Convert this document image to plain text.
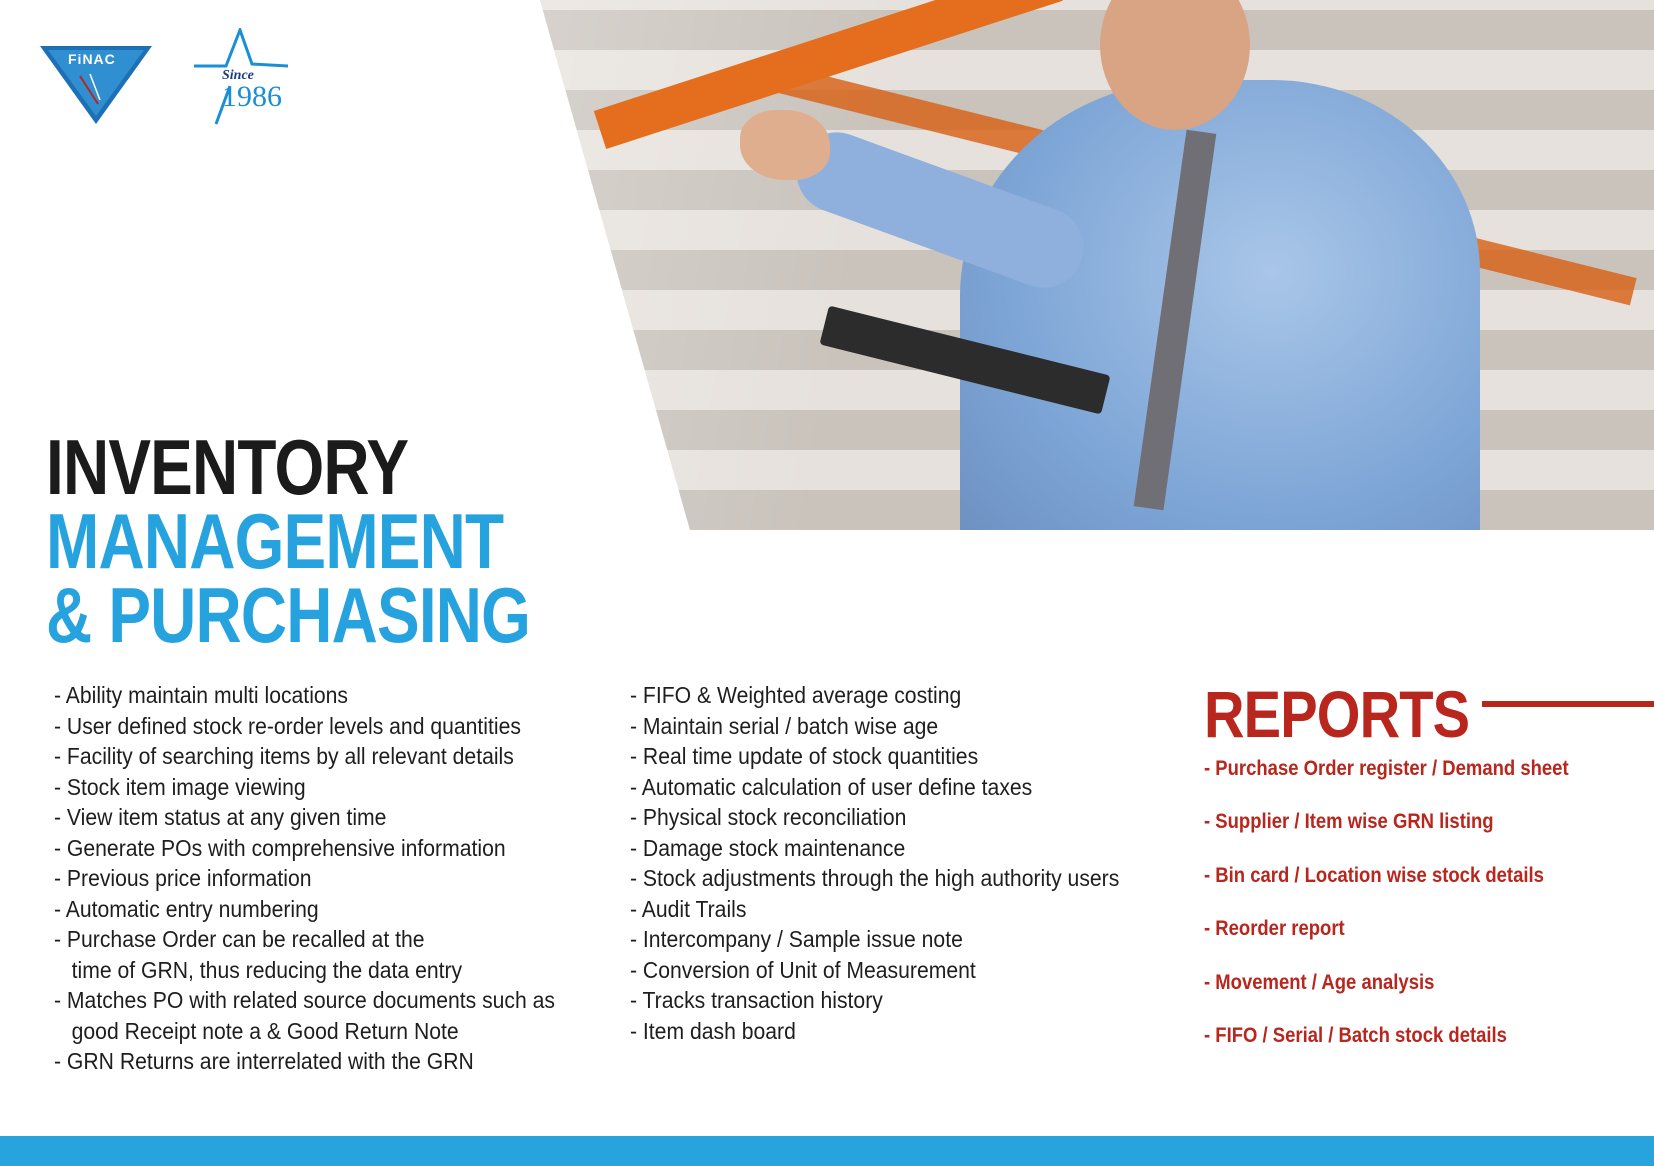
FiNAC
Since
1986
INVENTORY
MANAGEMENT
& PURCHASING
- Ability maintain multi locations
- User defined stock re-order levels and quantities
- Facility of searching items by all relevant details
- Stock item image viewing
- View item status at any given time
- Generate POs with comprehensive information
- Previous price information
- Automatic entry numbering
- Purchase Order can be recalled at the
time of GRN, thus reducing the data entry
- Matches PO with related source documents such as
good Receipt note a & Good Return Note
- GRN Returns are interrelated with the GRN
- FIFO & Weighted average costing
- Maintain serial / batch wise age
- Real time update of stock quantities
- Automatic calculation of user define taxes
- Physical stock reconciliation
- Damage stock maintenance
- Stock adjustments through the high authority users
- Audit Trails
- Intercompany / Sample issue note
- Conversion of Unit of Measurement
- Tracks transaction history
- Item dash board
REPORTS
- Purchase Order register / Demand sheet
- Supplier / Item wise GRN listing
- Bin card / Location wise stock details
- Reorder report
- Movement / Age analysis
- FIFO / Serial / Batch stock details
